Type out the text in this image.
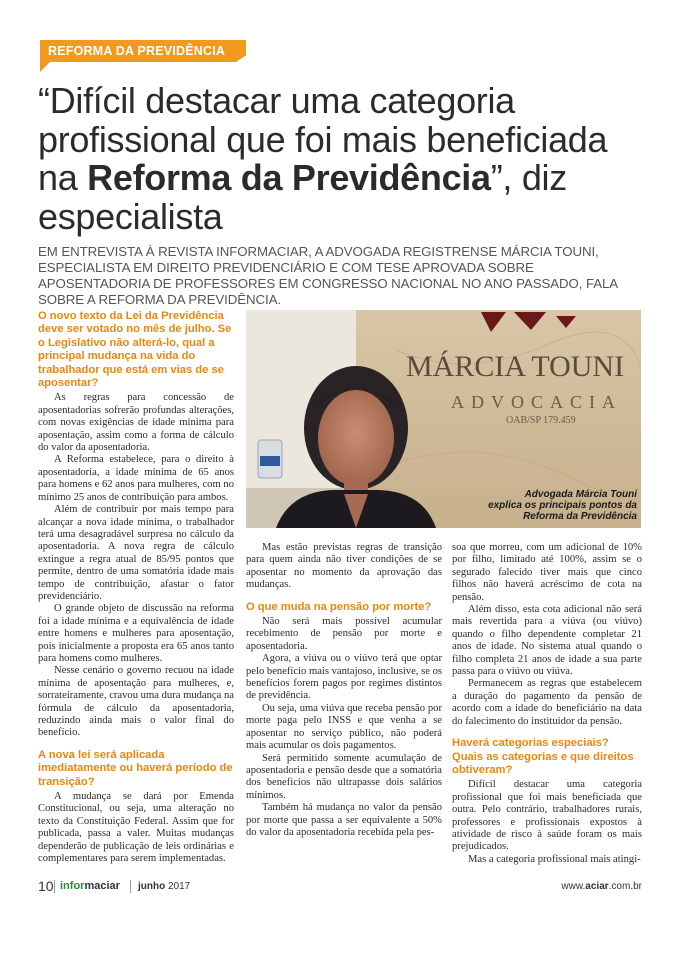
REFORMA DA PREVIDÊNCIA
“Difícil destacar uma categoria profissional que foi mais beneficiada na Reforma da Previdência”, diz especialista

EM ENTREVISTA À REVISTA INFORMACIAR, A ADVOGADA REGISTRENSE MÁRCIA TOUNI, ESPECIALISTA EM DIREITO PREVIDENCIÁRIO E COM TESE APROVADA SOBRE APOSENTADORIA DE PROFESSORES EM CONGRESSO NACIONAL NO ANO PASSADO, FALA SOBRE A REFORMA DA PREVIDÊNCIA.

O novo texto da Lei da Previdência deve ser votado no mês de julho. Se o Legislativo não alterá-lo, qual a principal mudança na vida do trabalhador que está em vias de se aposentar?

As regras para concessão de aposentadorias sofrerão profundas alterações, com novas exigências de idade mínima para aposentação, assim como a forma de cálculo do valor da aposentadoria.

A Reforma estabelece, para o direito à aposentadoria, a idade mínima de 65 anos para homens e 62 anos para mulheres, com no mínimo 25 anos de contribuição para ambos.

Além de contribuir por mais tempo para alcançar a nova idade mínima, o trabalhador terá uma desagradável surpresa no cálculo da aposentadoria. A nova regra de cálculo extingue a regra atual de 85/95 pontos que permite, dentro de uma somatória idade mais tempo de contribuição, afastar o fator previdenciário.

O grande objeto de discussão na reforma foi a idade mínima e a equivalência de idade entre homens e mulheres para aposentação, pois inicialmente a proposta era 65 anos tanto para homens como mulheres.

Nesse cenário o governo recuou na idade mínima de aposentação para mulheres, e, sorrateiramente, cravou uma dura mudança na fórmula de cálculo da aposentadoria, reduzindo ainda mais o valor final do benefício.

A nova lei será aplicada imediatamente ou haverá período de transição?

A mudança se dará por Emenda Constitucional, ou seja, uma alteração no texto da Constituição Federal. Assim que for publicada, passa a valer. Muitas mudanças dependerão de publicação de leis ordinárias e complementares para serem implementadas.

MÁRCIA TOUNI
ADVOCACIA
OAB/SP 179.459
Advogada Márcia Touni
explica os principais pontos da
Reforma da Previdência

Mas estão previstas regras de transição para quem ainda não tiver condições de se aposentar no momento da aprovação das mudanças.

O que muda na pensão por morte?

Não será mais possível acumular recebimento de pensão por morte e aposentadoria.

Agora, a viúva ou o viúvo terá que optar pelo benefício mais vantajoso, inclusive, se os benefícios forem pagos por regimes distintos de previdência.

Ou seja, uma viúva que receba pensão por morte paga pelo INSS e que venha a se aposentar no serviço público, não poderá mais acumular os dois pagamentos.

Será permitido somente acumulação de aposentadoria e pensão desde que a somatória dos benefícios não ultrapasse dois salários mínimos.

Também há mudança no valor da pensão por morte que passa a ser equivalente a 50% do valor da aposentadoria recebida pela pes-

soa que morreu, com um adicional de 10% por filho, limitado até 100%, assim se o segurado falecido tiver mais que cinco filhos não haverá acréscimo de cota na pensão.

Além disso, esta cota adicional não será mais revertida para a viúva (ou viúvo) quando o filho dependente completar 21 anos de idade. No sistema atual quando o filho completa 21 anos de idade a sua parte passa para o viúvo ou viúva.

Permanecem as regras que estabelecem a duração do pagamento da pensão de acordo com a idade do beneficiário na data do falecimento do instituidor da pensão.

Haverá categorias especiais? Quais as categorias e que direitos obtiveram?

Difícil destacar uma categoria profissional que foi mais beneficiada que outra. Pelo contrário, trabalhadores rurais, professores e profissionais expostos à atividade de risco à saúde foram os mais prejudicados.

Mas a categoria profissional mais atingi-

10 informaciar junho 2017	www.aciar.com.br
